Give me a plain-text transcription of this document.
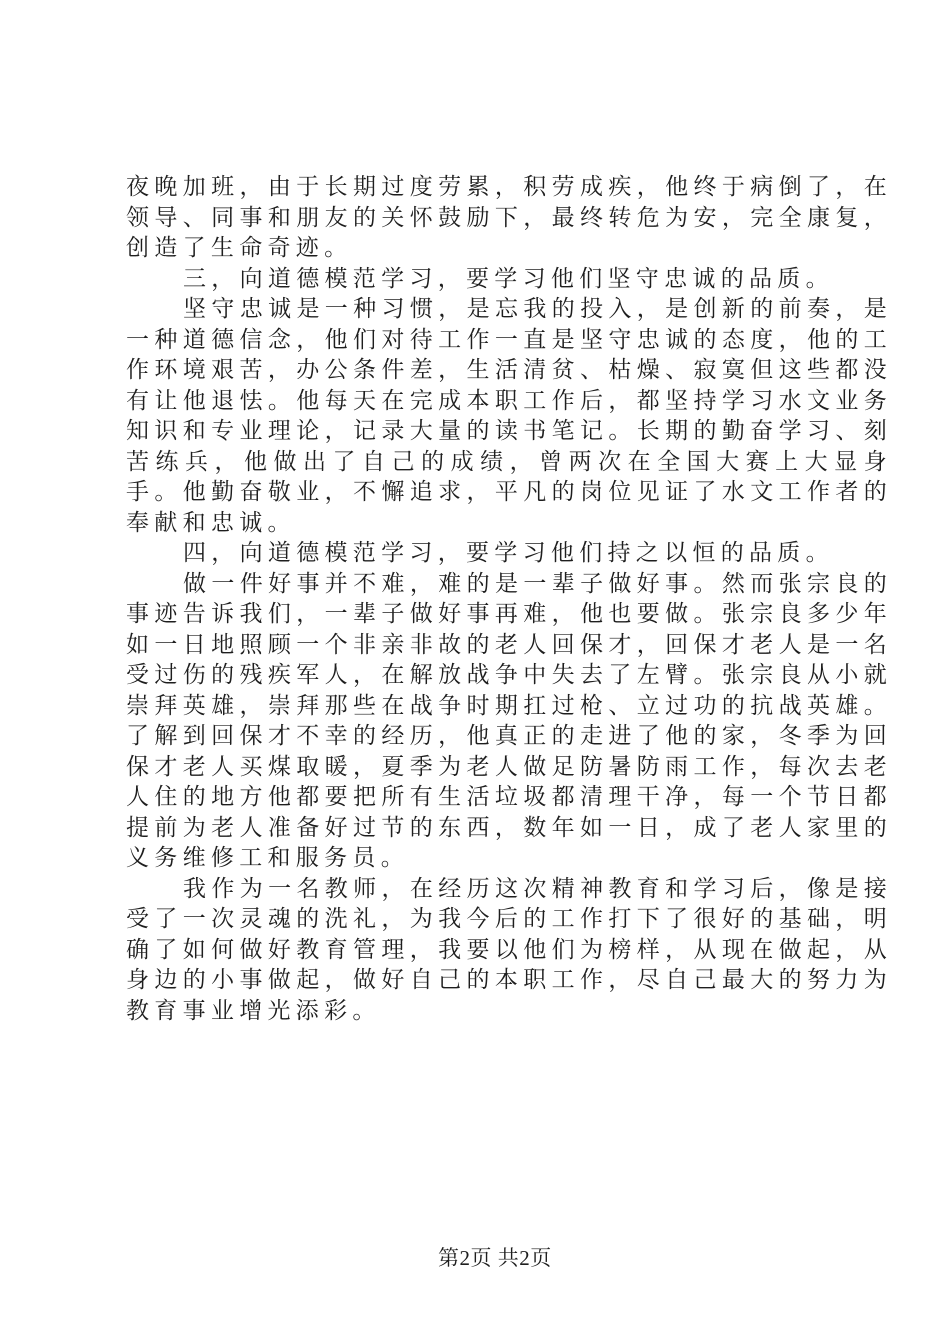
夜晚加班，由于长期过度劳累，积劳成疾，他终于病倒了，在领导、同事和朋友的关怀鼓励下，最终转危为安，完全康复，创造了生命奇迹。

三，向道德模范学习，要学习他们坚守忠诚的品质。

坚守忠诚是一种习惯，是忘我的投入，是创新的前奏，是一种道德信念，他们对待工作一直是坚守忠诚的态度，他的工作环境艰苦，办公条件差，生活清贫、枯燥、寂寞但这些都没有让他退怯。他每天在完成本职工作后，都坚持学习水文业务知识和专业理论，记录大量的读书笔记。长期的勤奋学习、刻苦练兵，他做出了自己的成绩，曾两次在全国大赛上大显身手。他勤奋敬业，不懈追求，平凡的岗位见证了水文工作者的奉献和忠诚。

四，向道德模范学习，要学习他们持之以恒的品质。

做一件好事并不难，难的是一辈子做好事。然而张宗良的事迹告诉我们，一辈子做好事再难，他也要做。张宗良多少年如一日地照顾一个非亲非故的老人回保才，回保才老人是一名受过伤的残疾军人，在解放战争中失去了左臂。张宗良从小就崇拜英雄，崇拜那些在战争时期扛过枪、立过功的抗战英雄。了解到回保才不幸的经历，他真正的走进了他的家，冬季为回保才老人买煤取暖，夏季为老人做足防暑防雨工作，每次去老人住的地方他都要把所有生活垃圾都清理干净，每一个节日都提前为老人准备好过节的东西，数年如一日，成了老人家里的义务维修工和服务员。

我作为一名教师，在经历这次精神教育和学习后，像是接受了一次灵魂的洗礼，为我今后的工作打下了很好的基础，明确了如何做好教育管理，我要以他们为榜样，从现在做起，从身边的小事做起，做好自己的本职工作，尽自己最大的努力为教育事业增光添彩。

第2页 共2页
